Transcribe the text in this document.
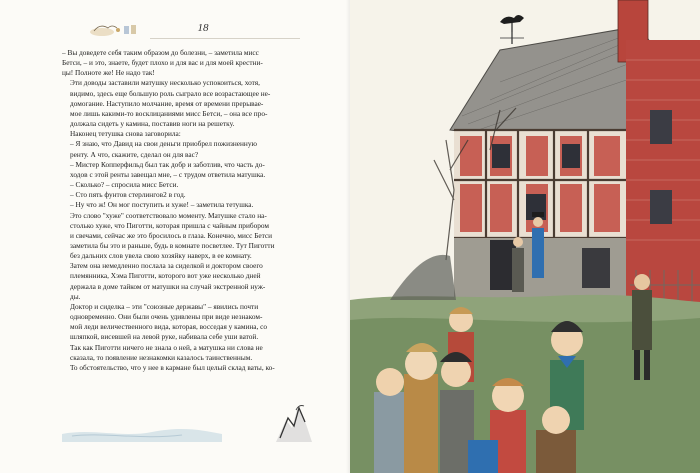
18

– Вы доведете себя таким образом до болезни, – заметила мисс
Бетси, – и это, знаете, будет плохо и для вас и для моей крестни-
цы! Полноте же! Не надо так!

Эти доводы заставили матушку несколько успокоиться, хотя,
видимо, здесь еще большую роль сыграло все возрастающее не-
домогание. Наступило молчание, время от времени прерывае-
мое лишь какими-то восклицаниями мисс Бетси, – она все про-
должала сидеть у камина, поставив ноги на решетку.

Наконец тетушка снова заговорила:

– Я знаю, что Давид на свои деньги приобрел пожизненную
ренту. А что, скажите, сделал он для вас?

– Мистер Копперфильд был так добр и заботлив, что часть до-
ходов с этой ренты завещал мне, – с трудом ответила матушка.

– Сколько? – спросила мисс Бетси.

– Сто пять фунтов стерлингов2 в год.

– Ну что ж! Он мог поступить и хуже! – заметила тетушка.

Это слово "хуже" соответствовало моменту. Матушке стало на-
столько хуже, что Пиготти, которая пришла с чайным прибором
и свечами, сейчас же это бросилось в глаза. Конечно, мисс Бетси
заметила бы это и раньше, будь в комнате посветлее. Тут Пиготти
без дальних слов увела свою хозяйку наверх, в ее комнату.
Затем она немедленно послала за сиделкой и доктором своего
племянника, Хэма Пиготти, которого вот уже несколько дней
держала в доме тайком от матушки на случай экстренной нуж-
ды.

Доктор и сиделка – эти "союзные державы" – явились почти
одновременно. Они были очень удивлены при виде незнаком-
мой леди величественного вида, которая, восседая у камина, со
шляпкой, висевшей на левой руке, набивала себе уши ватой.
Так как Пиготти ничего не знала о ней, а матушка ни слова не
сказала, то появление незнакомки казалось таинственным.
То обстоятельство, что у нее в кармане был целый склад ваты, ко-
